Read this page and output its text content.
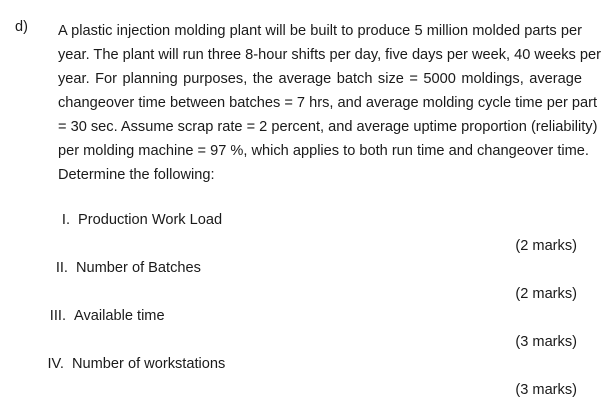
d) A plastic injection molding plant will be built to produce 5 million molded parts per
year. The plant will run three 8-hour shifts per day, five days per week, 40 weeks per
year. For planning purposes, the average batch size = 5000 moldings, average
changeover time between batches = 7 hrs, and average molding cycle time per part
= 30 sec. Assume scrap rate = 2 percent, and average uptime proportion (reliability)
per molding machine = 97 %, which applies to both run time and changeover time.
Determine the following:
I. Production Work Load
(2 marks)
II. Number of Batches
(2 marks)
III. Available time
(3 marks)
IV. Number of workstations
(3 marks)
